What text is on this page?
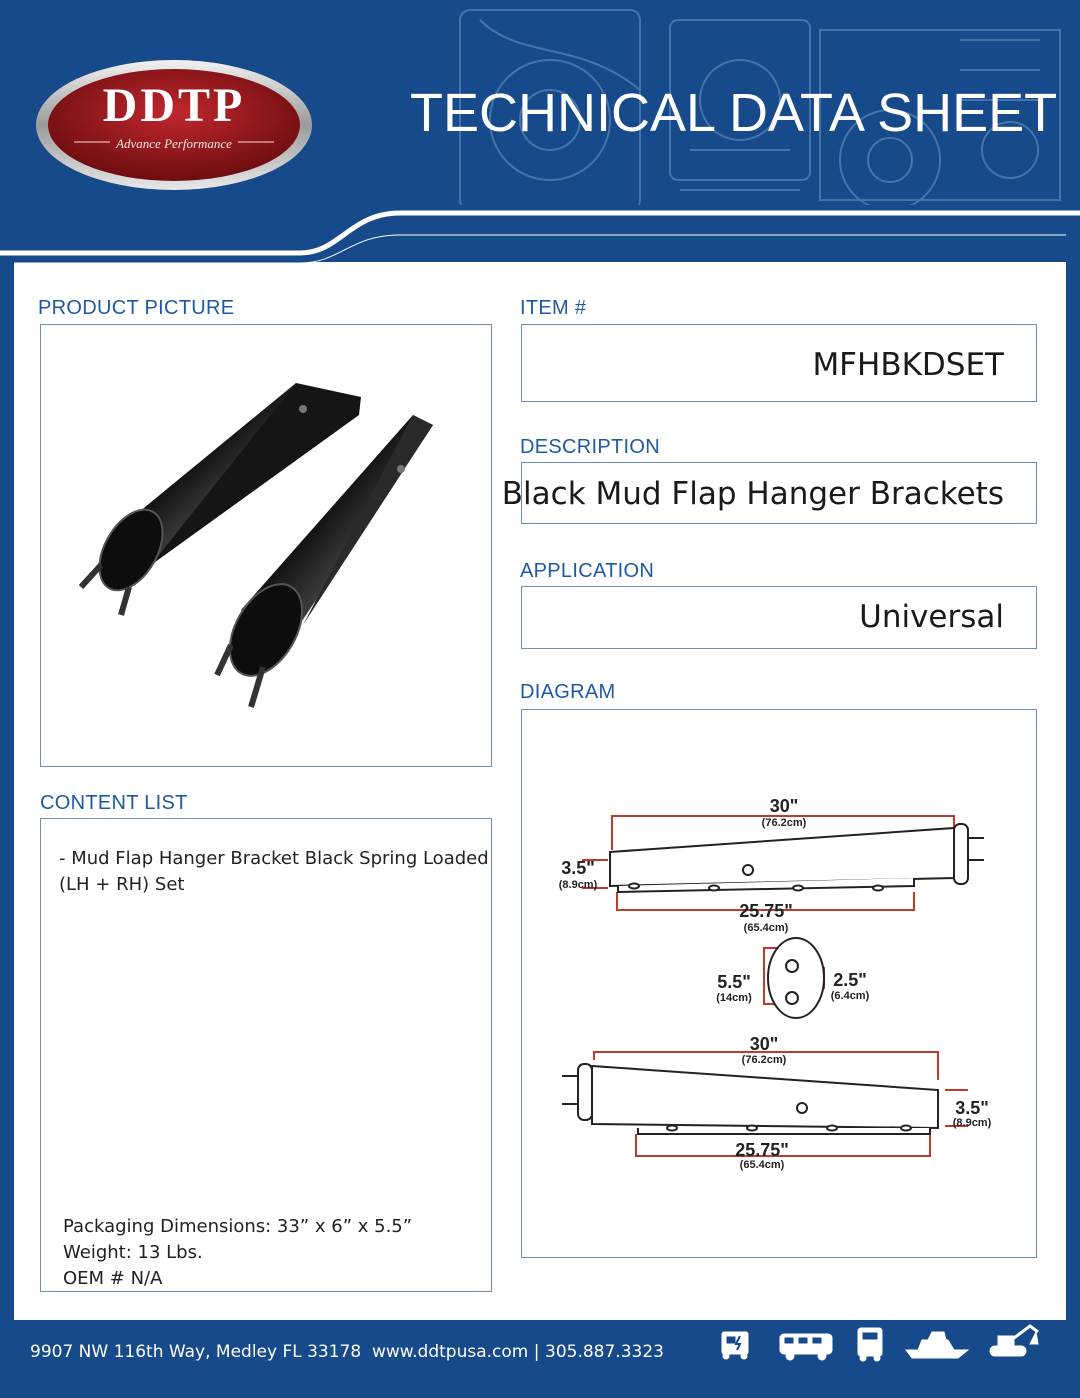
DDTP
Advance Performance
TECHNICAL DATA SHEET
PRODUCT PICTURE	ITEM #
MFHBKDSET
DESCRIPTION
Black Mud Flap Hanger Brackets
APPLICATION
Universal
DIAGRAM
30"
(76.2cm)
3.5"
(8.9cm)
25.75"
(65.4cm)
5.5"
(14cm)
2.5"
(6.4cm)
30"
(76.2cm)
3.5"
(8.9cm)
25.75"
(65.4cm)
CONTENT LIST
- Mud Flap Hanger Bracket Black Spring Loaded
(LH + RH) Set
Packaging Dimensions: 33” x 6” x 5.5”
Weight: 13 Lbs.
OEM # N/A
9907 NW 116th Way, Medley FL 33178 www.ddtpusa.com | 305.887.3323
